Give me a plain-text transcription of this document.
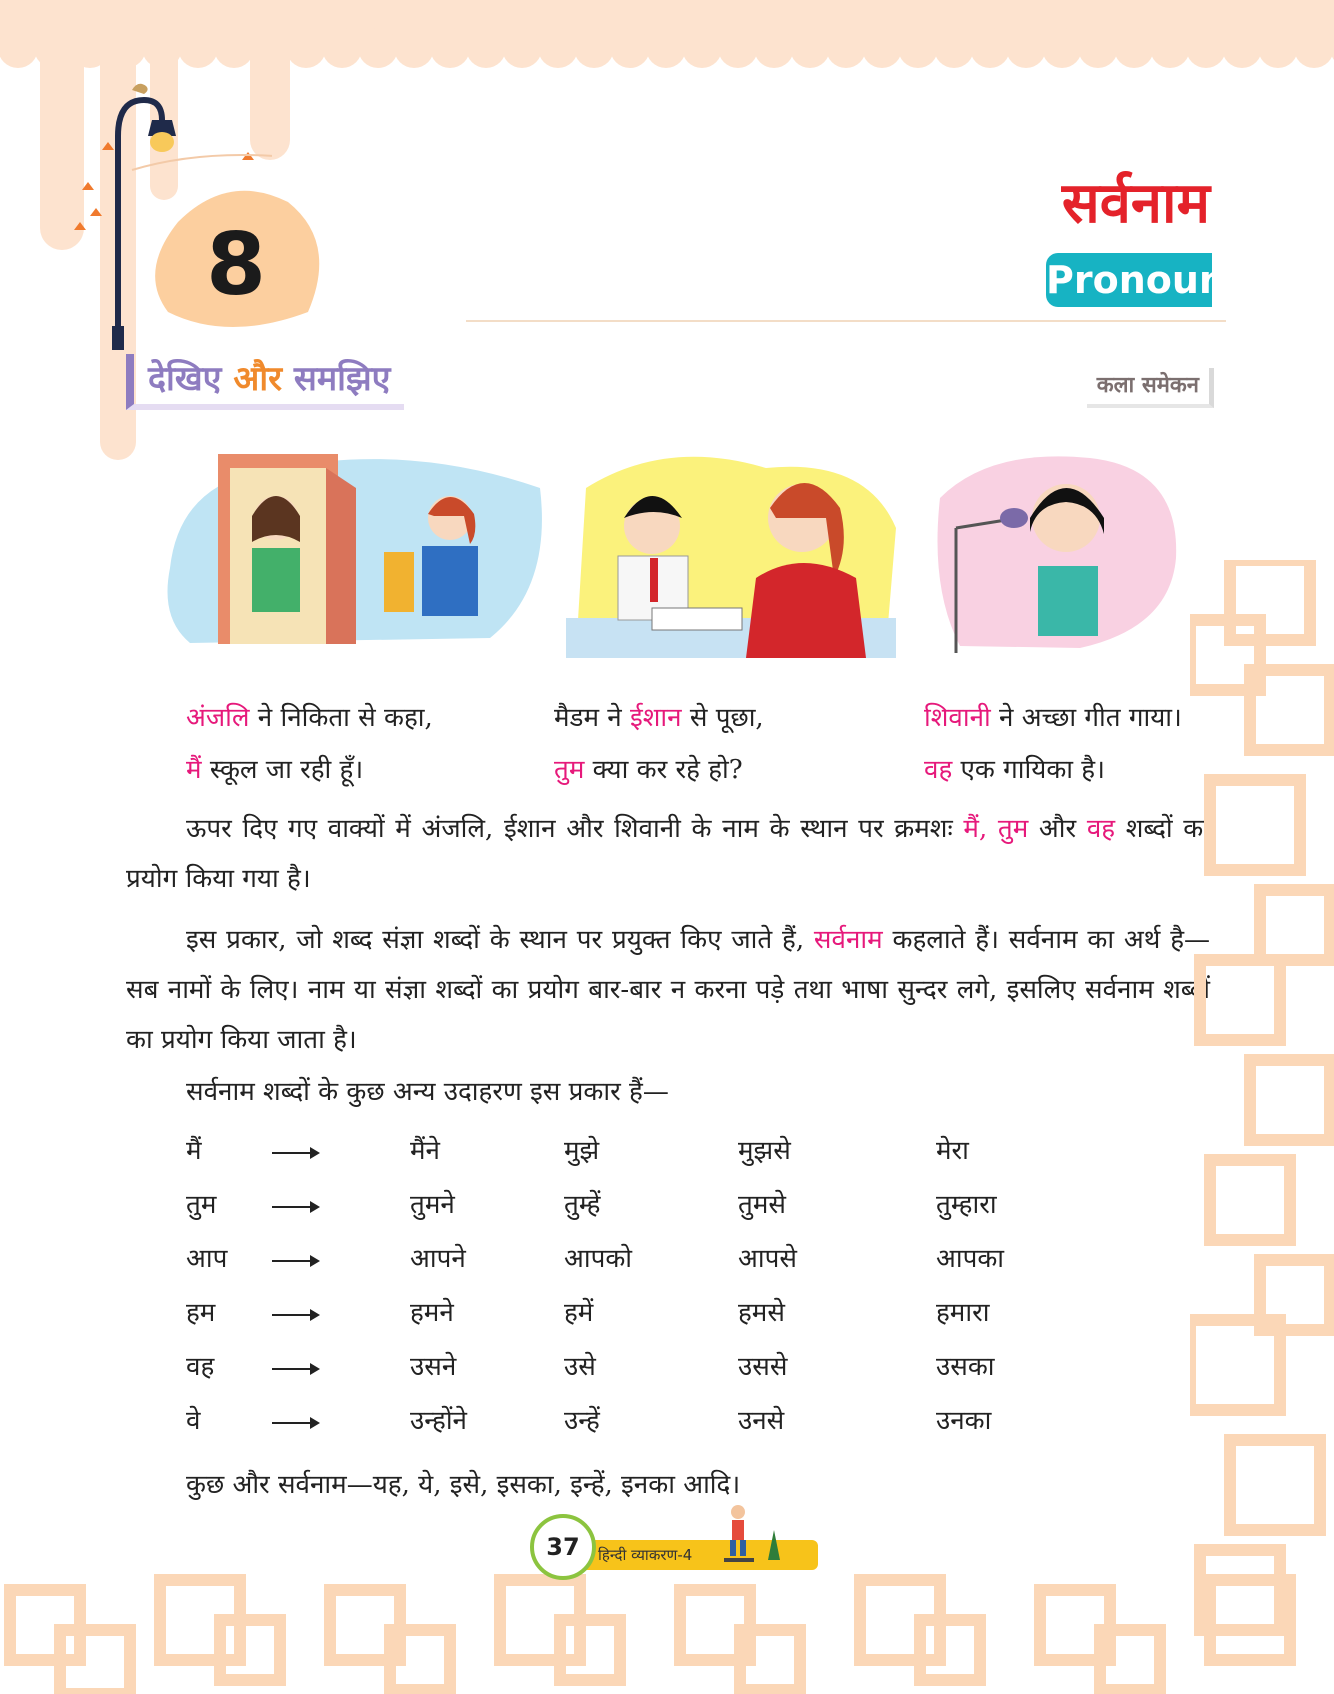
8
सर्वनाम
Pronoun
देखिए और समझिए	कला समेकन
अंजलि ने निकिता से कहा,
मैं स्कूल जा रही हूँ।
मैडम ने ईशान से पूछा,
तुम क्या कर रहे हो?
शिवानी ने अच्छा गीत गाया।
वह एक गायिका है।
ऊपर दिए गए वाक्यों में अंजलि, ईशान और शिवानी के नाम के स्थान पर क्रमशः मैं, तुम और वह शब्दों का प्रयोग किया गया है।
इस प्रकार, जो शब्द संज्ञा शब्दों के स्थान पर प्रयुक्त किए जाते हैं, सर्वनाम कहलाते हैं। सर्वनाम का अर्थ है— सब नामों के लिए। नाम या संज्ञा शब्दों का प्रयोग बार-बार न करना पड़े तथा भाषा सुन्दर लगे, इसलिए सर्वनाम शब्दों का प्रयोग किया जाता है।
सर्वनाम शब्दों के कुछ अन्य उदाहरण इस प्रकार हैं—
मैं	मैंने	मुझे	मुझसे	मेरा
तुम	तुमने	तुम्हें	तुमसे	तुम्हारा
आप	आपने	आपको	आपसे	आपका
हम	हमने	हमें	हमसे	हमारा
वह	उसने	उसे	उससे	उसका
वे	उन्होंने	उन्हें	उनसे	उनका
कुछ और सर्वनाम—यह, ये, इसे, इसका, इन्हें, इनका आदि।
37	हिन्दी व्याकरण-4
